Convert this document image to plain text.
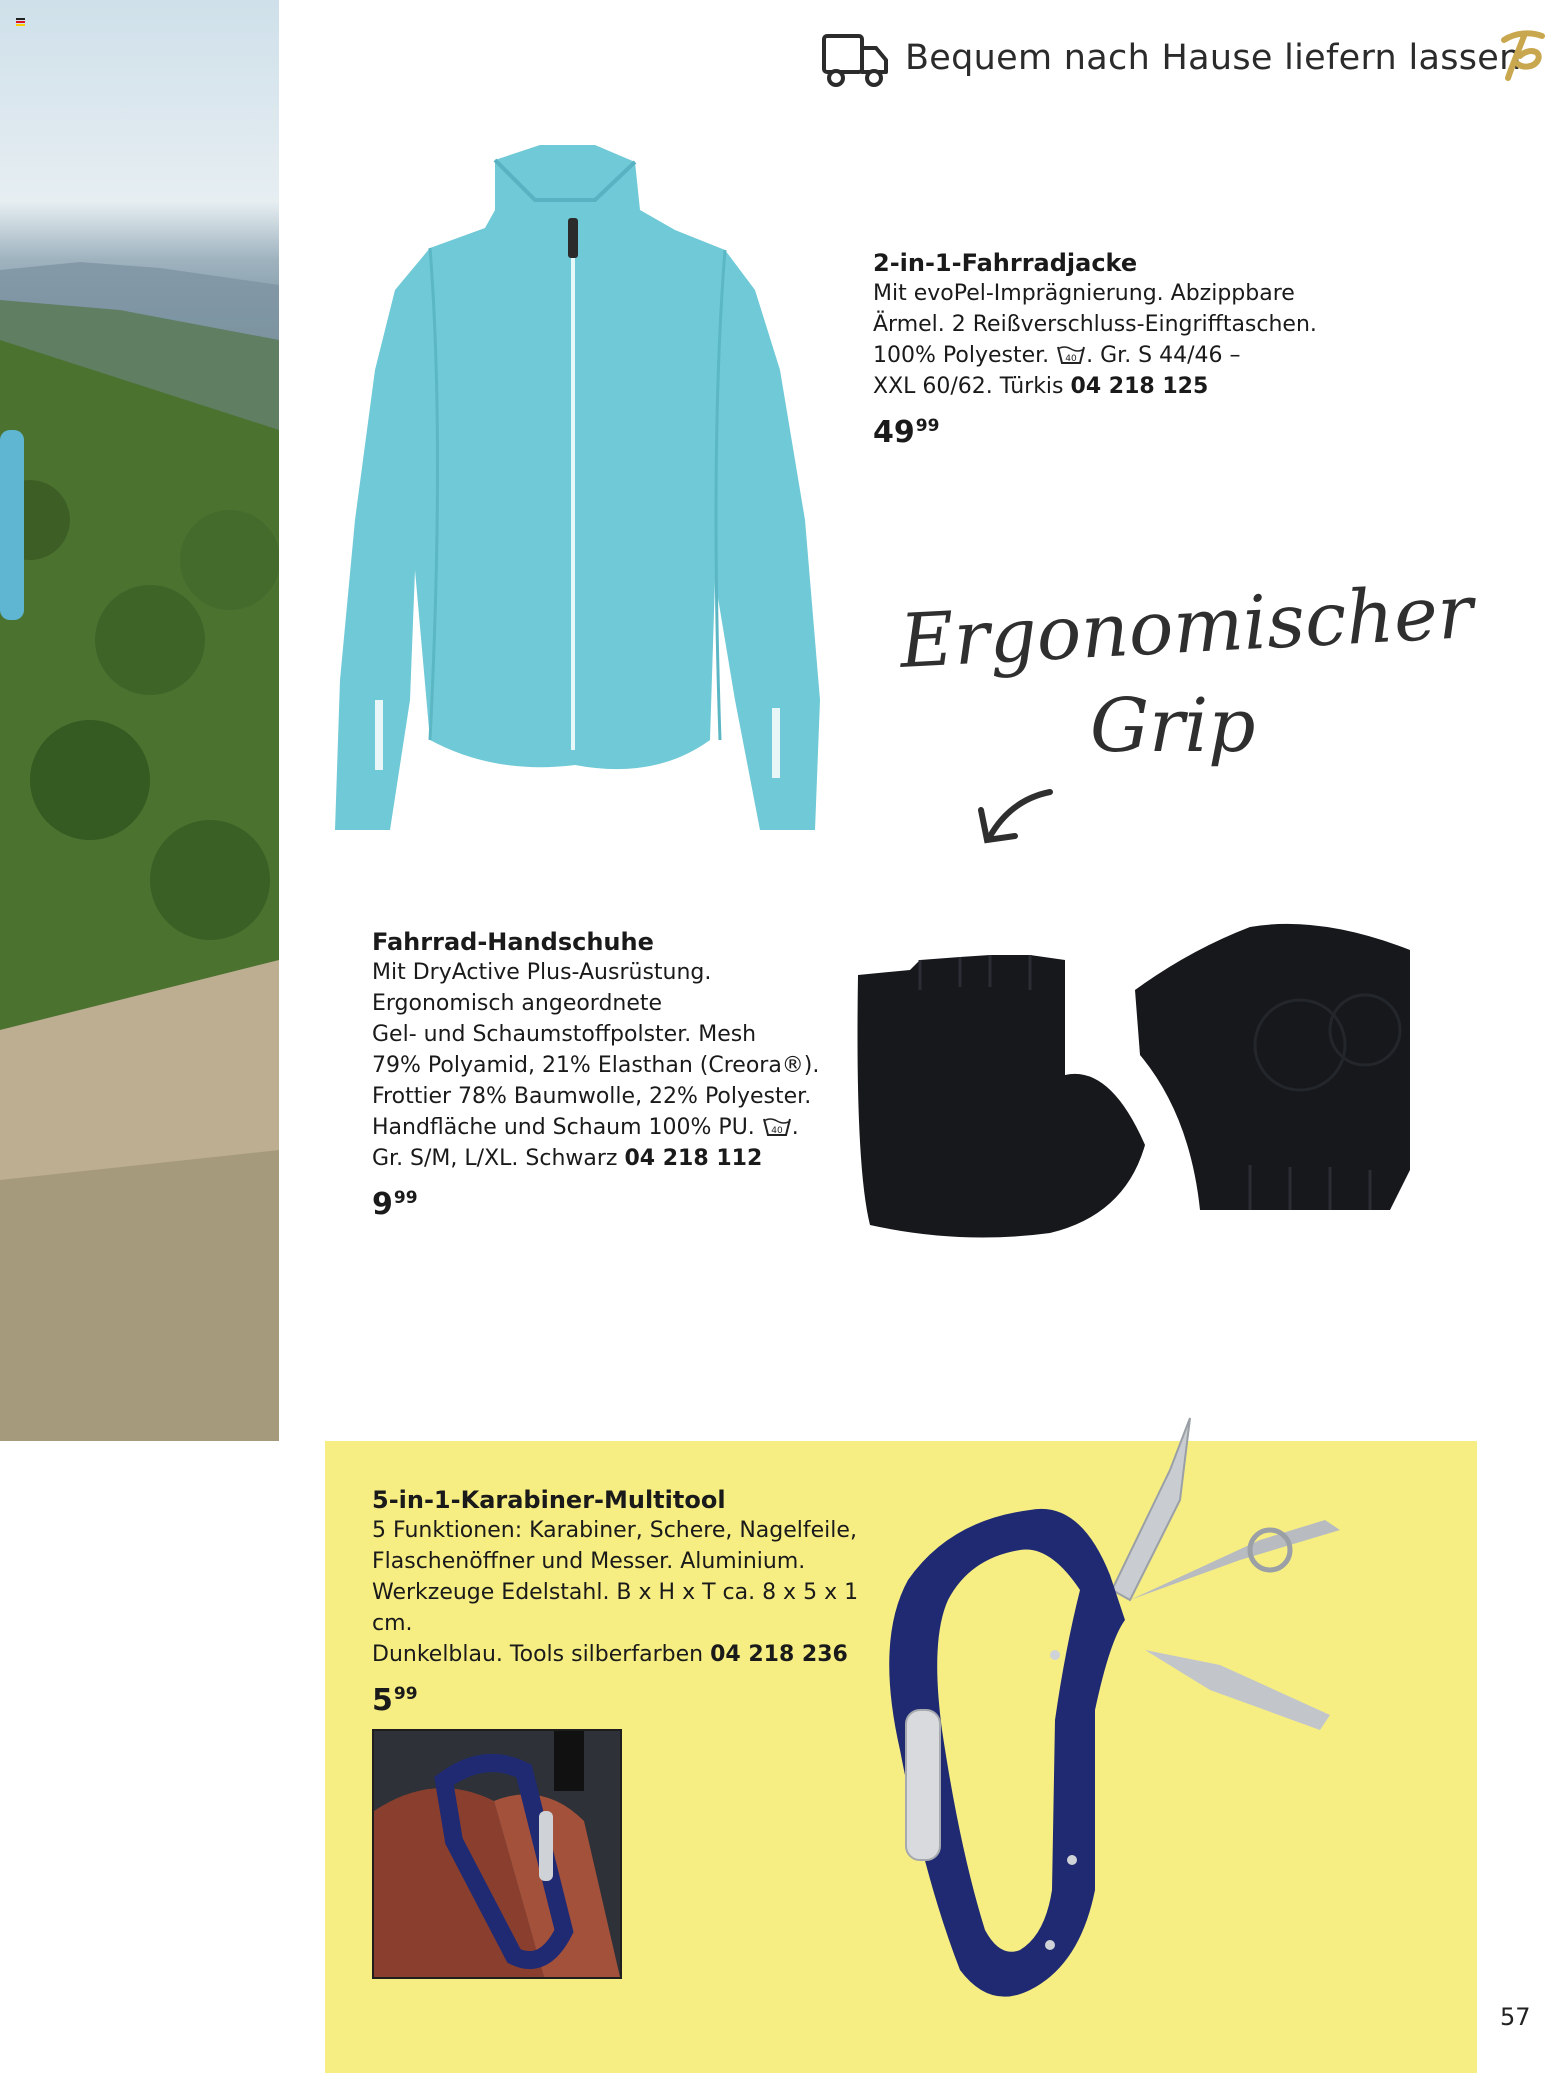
Bequem nach Hause liefern lassen
2-in-1-Fahrradjacke
Mit evoPel-Imprägnierung. Abzippbare
Ärmel. 2 Reißverschluss-Eingrifftaschen.
100% Polyester. 40 . Gr. S 44/46 –
XXL 60/62. Türkis 04 218 125
$49^{99}$
Ergonomischer
Grip
Fahrrad-Handschuhe
Mit DryActive Plus-Ausrüstung.
Ergonomisch angeordnete
Gel- und Schaumstoffpolster. Mesh
79% Polyamid, 21% Elasthan (Creora®).
Frottier 78% Baumwolle, 22% Polyester.
Handfläche und Schaum 100% PU. 40 .
Gr. S/M, L/XL. Schwarz 04 218 112
$9^{99}$
5-in-1-Karabiner-Multitool
5 Funktionen: Karabiner, Schere, Nagelfeile,
Flaschenöffner und Messer. Aluminium.
Werkzeuge Edelstahl. B x H x T ca. 8 x 5 x 1 cm.
Dunkelblau. Tools silberfarben 04 218 236
$5^{99}$
57
